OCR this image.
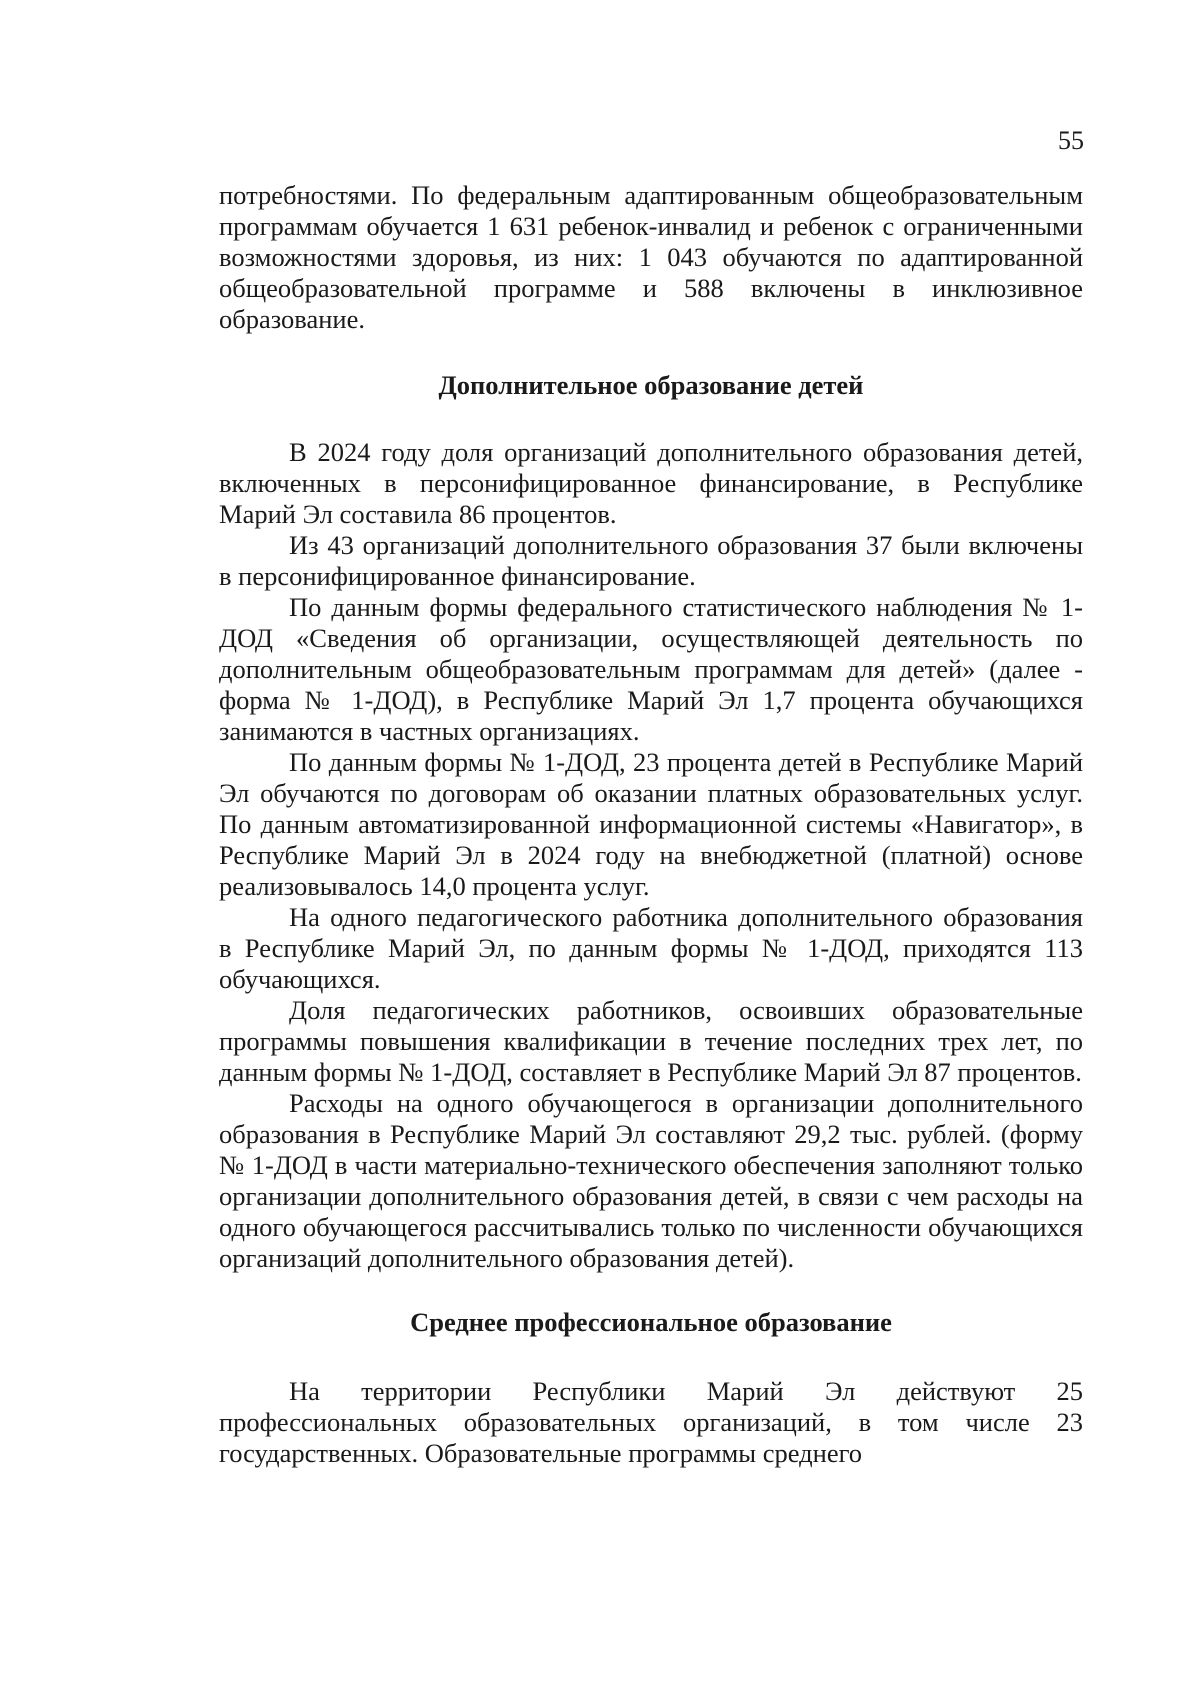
55

потребностями. По федеральным адаптированным общеобразовательным программам обучается 1 631 ребенок-инвалид и ребенок с ограниченными возможностями здоровья, из них: 1 043 обучаются по адаптированной общеобразовательной программе и 588 включены в инклюзивное образование.

Дополнительное образование детей

В 2024 году доля организаций дополнительного образования детей, включенных в персонифицированное финансирование, в Республике Марий Эл составила 86 процентов.

Из 43 организаций дополнительного образования 37 были включены в персонифицированное финансирование.

По данным формы федерального статистического наблюдения № 1-ДОД «Сведения об организации, осуществляющей деятельность по дополнительным общеобразовательным программам для детей» (далее - форма № 1-ДОД), в Республике Марий Эл 1,7 процента обучающихся занимаются в частных организациях.

По данным формы № 1-ДОД, 23 процента детей в Республике Марий Эл обучаются по договорам об оказании платных образовательных услуг. По данным автоматизированной информационной системы «Навигатор», в Республике Марий Эл в 2024 году на внебюджетной (платной) основе реализовывалось 14,0 процента услуг.

На одного педагогического работника дополнительного образования в Республике Марий Эл, по данным формы № 1-ДОД, приходятся 113 обучающихся.

Доля педагогических работников, освоивших образовательные программы повышения квалификации в течение последних трех лет, по данным формы № 1-ДОД, составляет в Республике Марий Эл 87 процентов.

Расходы на одного обучающегося в организации дополнительного образования в Республике Марий Эл составляют 29,2 тыс. рублей. (форму № 1-ДОД в части материально-технического обеспечения заполняют только организации дополнительного образования детей, в связи с чем расходы на одного обучающегося рассчитывались только по численности обучающихся организаций дополнительного образования детей).

Среднее профессиональное образование

На территории Республики Марий Эл действуют 25 профессиональных образовательных организаций, в том числе 23 государственных. Образовательные программы среднего
